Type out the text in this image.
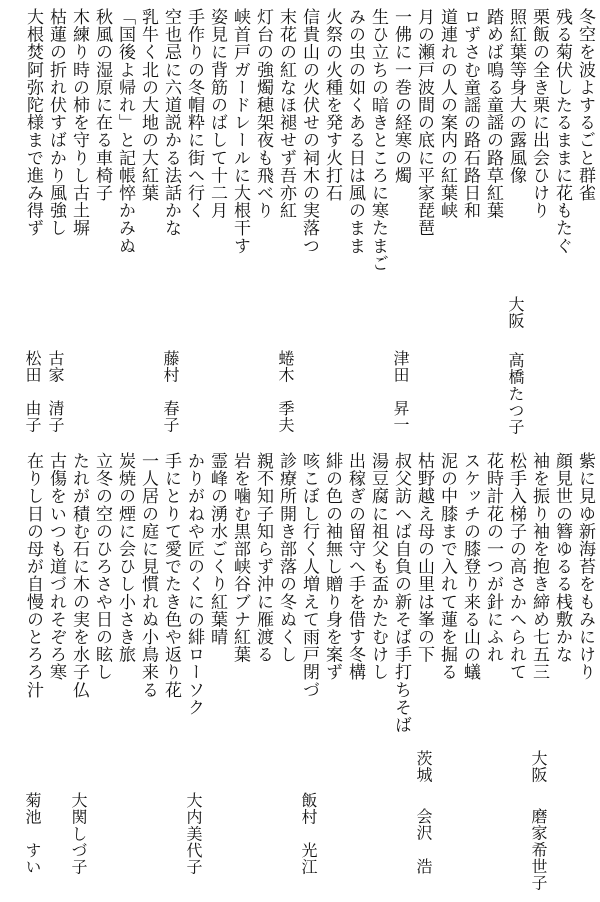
冬空を波よするごと群雀
残る菊伏したるままに花もたぐ
栗飯の全き栗に出会ひけり
照紅葉等身大の露風像
踏めば鳴る童謡の路草紅葉
ロずさむ童謡の路石路日和
道連れの人の案内の紅葉峡
月の瀬戸波間の底に平家琵琶
一佛に一巻の経寒の燭
生ひ立ちの暗きところに寒たまご
みの虫の如くある日は風のまま
火祭の火種を発す火打石
信貴山の火伏せの祠木の実落つ
末花の紅なほ褪せず吾亦紅
灯台の強燭穂架夜も飛べり
峡首戸ガードレールに大根干す
姿見に背筋のばして十二月
手作りの冬帽粋に街へ行く
空也忌に六道説かる法話かな
乳牛く北の大地の大紅葉
「国後よ帰れ」と記帳悴かみぬ
秋風の湿原に在る車椅子
木練り時の柿を守りし古土塀
枯蓮の折れ伏すばかり風強し
大根焚阿弥陀様まで進み得ず
大阪
高橋たつ子
津田　昇一
蜷木　季夫
藤村　春子
古家　清子
紫に見ゆ新海苔をもみにけり
顔見世の簪ゆるる桟敷かな
袖を振り袖を抱き締め七五三
松手入梯子の高さかへられて
花時計花の一つが針にふれ
スケッチの膝登り来る山の蟻
泥の中膝まで入れて蓮を掘る
枯野越え母の山里は峯の下
叔父訪へば自負の新そば手打ちそば
湯豆腐に祖父も盃かたむけし
出稼ぎの留守へ手を借す冬構
緋の色の袖無し贈り身を案ず
咳こぼし行く人増えて雨戸閉づ
診療所開き部落の冬ぬくし
親不知子知らず沖に雁渡る
岩を噛む黒部峡谷ブナ紅葉
霊峰の湧水ごくり紅葉晴
かりがねや匠のくにの緋ローソク
手にとりて愛でたき色や返り花
一人居の庭に見慣れぬ小鳥来る
炭焼の煙に会ひし小さき旅
立冬の空のひろさや日の眩し
たれが積む石に木の実を水子仏
古傷をいつも道づれそぞろ寒
在りし日の母が自慢のとろろ汁
大阪
磨家希世子
茨城
会沢　浩
飯村　光江
大内美代子
大関しづ子
松田　由子
菊池　すい
